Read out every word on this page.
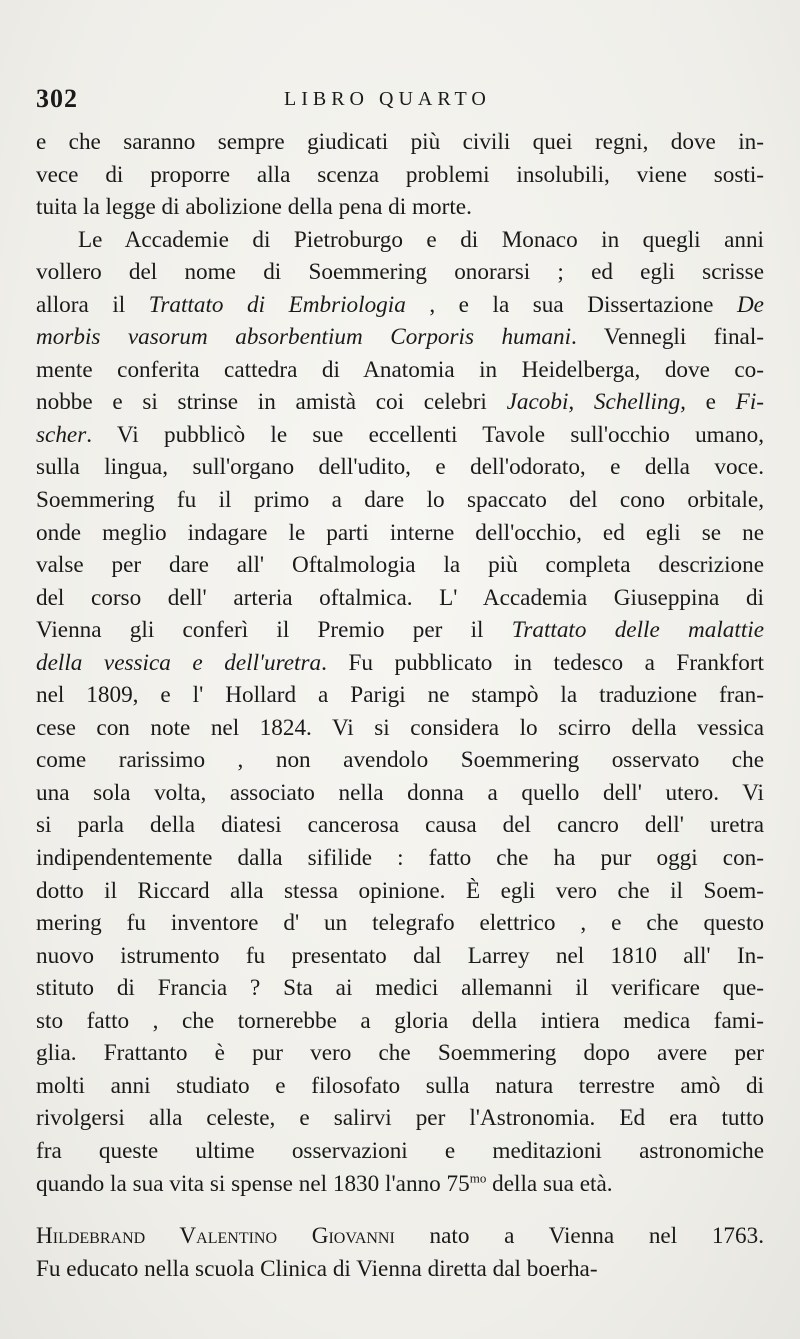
302	LIBRO QUARTO
e che saranno sempre giudicati più civili quei regni, dove in-
vece di proporre alla scenza problemi insolubili, viene sosti-
tuita la legge di abolizione della pena di morte.
Le Accademie di Pietroburgo e di Monaco in quegli anni
vollero del nome di Soemmering onorarsi ; ed egli scrisse
allora il Trattato di Embriologia , e la sua Dissertazione De
morbis vasorum absorbentium Corporis humani. Vennegli final-
mente conferita cattedra di Anatomia in Heidelberga, dove co-
nobbe e si strinse in amistà coi celebri Jacobi, Schelling, e Fi-
scher. Vi pubblicò le sue eccellenti Tavole sull'occhio umano,
sulla lingua, sull'organo dell'udito, e dell'odorato, e della voce.
Soemmering fu il primo a dare lo spaccato del cono orbitale,
onde meglio indagare le parti interne dell'occhio, ed egli se ne
valse per dare all' Oftalmologia la più completa descrizione
del corso dell' arteria oftalmica. L' Accademia Giuseppina di
Vienna gli conferì il Premio per il Trattato delle malattie
della vessica e dell'uretra. Fu pubblicato in tedesco a Frankfort
nel 1809, e l' Hollard a Parigi ne stampò la traduzione fran-
cese con note nel 1824. Vi si considera lo scirro della vessica
come rarissimo , non avendolo Soemmering osservato che
una sola volta, associato nella donna a quello dell' utero. Vi
si parla della diatesi cancerosa causa del cancro dell' uretra
indipendentemente dalla sifilide : fatto che ha pur oggi con-
dotto il Riccard alla stessa opinione. È egli vero che il Soem-
mering fu inventore d' un telegrafo elettrico , e che questo
nuovo istrumento fu presentato dal Larrey nel 1810 all' In-
stituto di Francia ? Sta ai medici allemanni il verificare que-
sto fatto , che tornerebbe a gloria della intiera medica fami-
glia. Frattanto è pur vero che Soemmering dopo avere per
molti anni studiato e filosofato sulla natura terrestre amò di
rivolgersi alla celeste, e salirvi per l'Astronomia. Ed era tutto
fra queste ultime osservazioni e meditazioni astronomiche
quando la sua vita si spense nel 1830 l'anno $75^{mo}$ della sua età.
Hildebrand Valentino Giovanni nato a Vienna nel 1763.
Fu educato nella scuola Clinica di Vienna diretta dal boerha-
